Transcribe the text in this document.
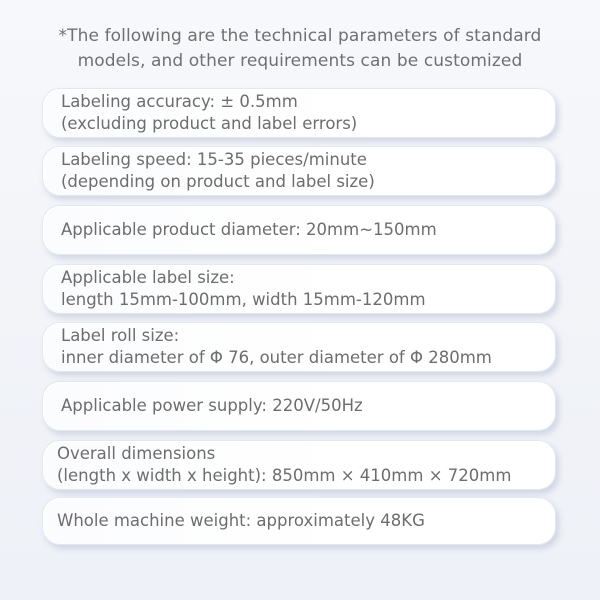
*The following are the technical parameters of standard
models, and other requirements can be customized
Labeling accuracy: ± 0.5mm
(excluding product and label errors)
Labeling speed: 15-35 pieces/minute
(depending on product and label size)
Applicable product diameter: 20mm~150mm
Applicable label size:
length 15mm-100mm, width 15mm-120mm
Label roll size:
inner diameter of Φ 76, outer diameter of Φ 280mm
Applicable power supply: 220V/50Hz
Overall dimensions
(length x width x height): 850mm × 410mm × 720mm
Whole machine weight: approximately 48KG
